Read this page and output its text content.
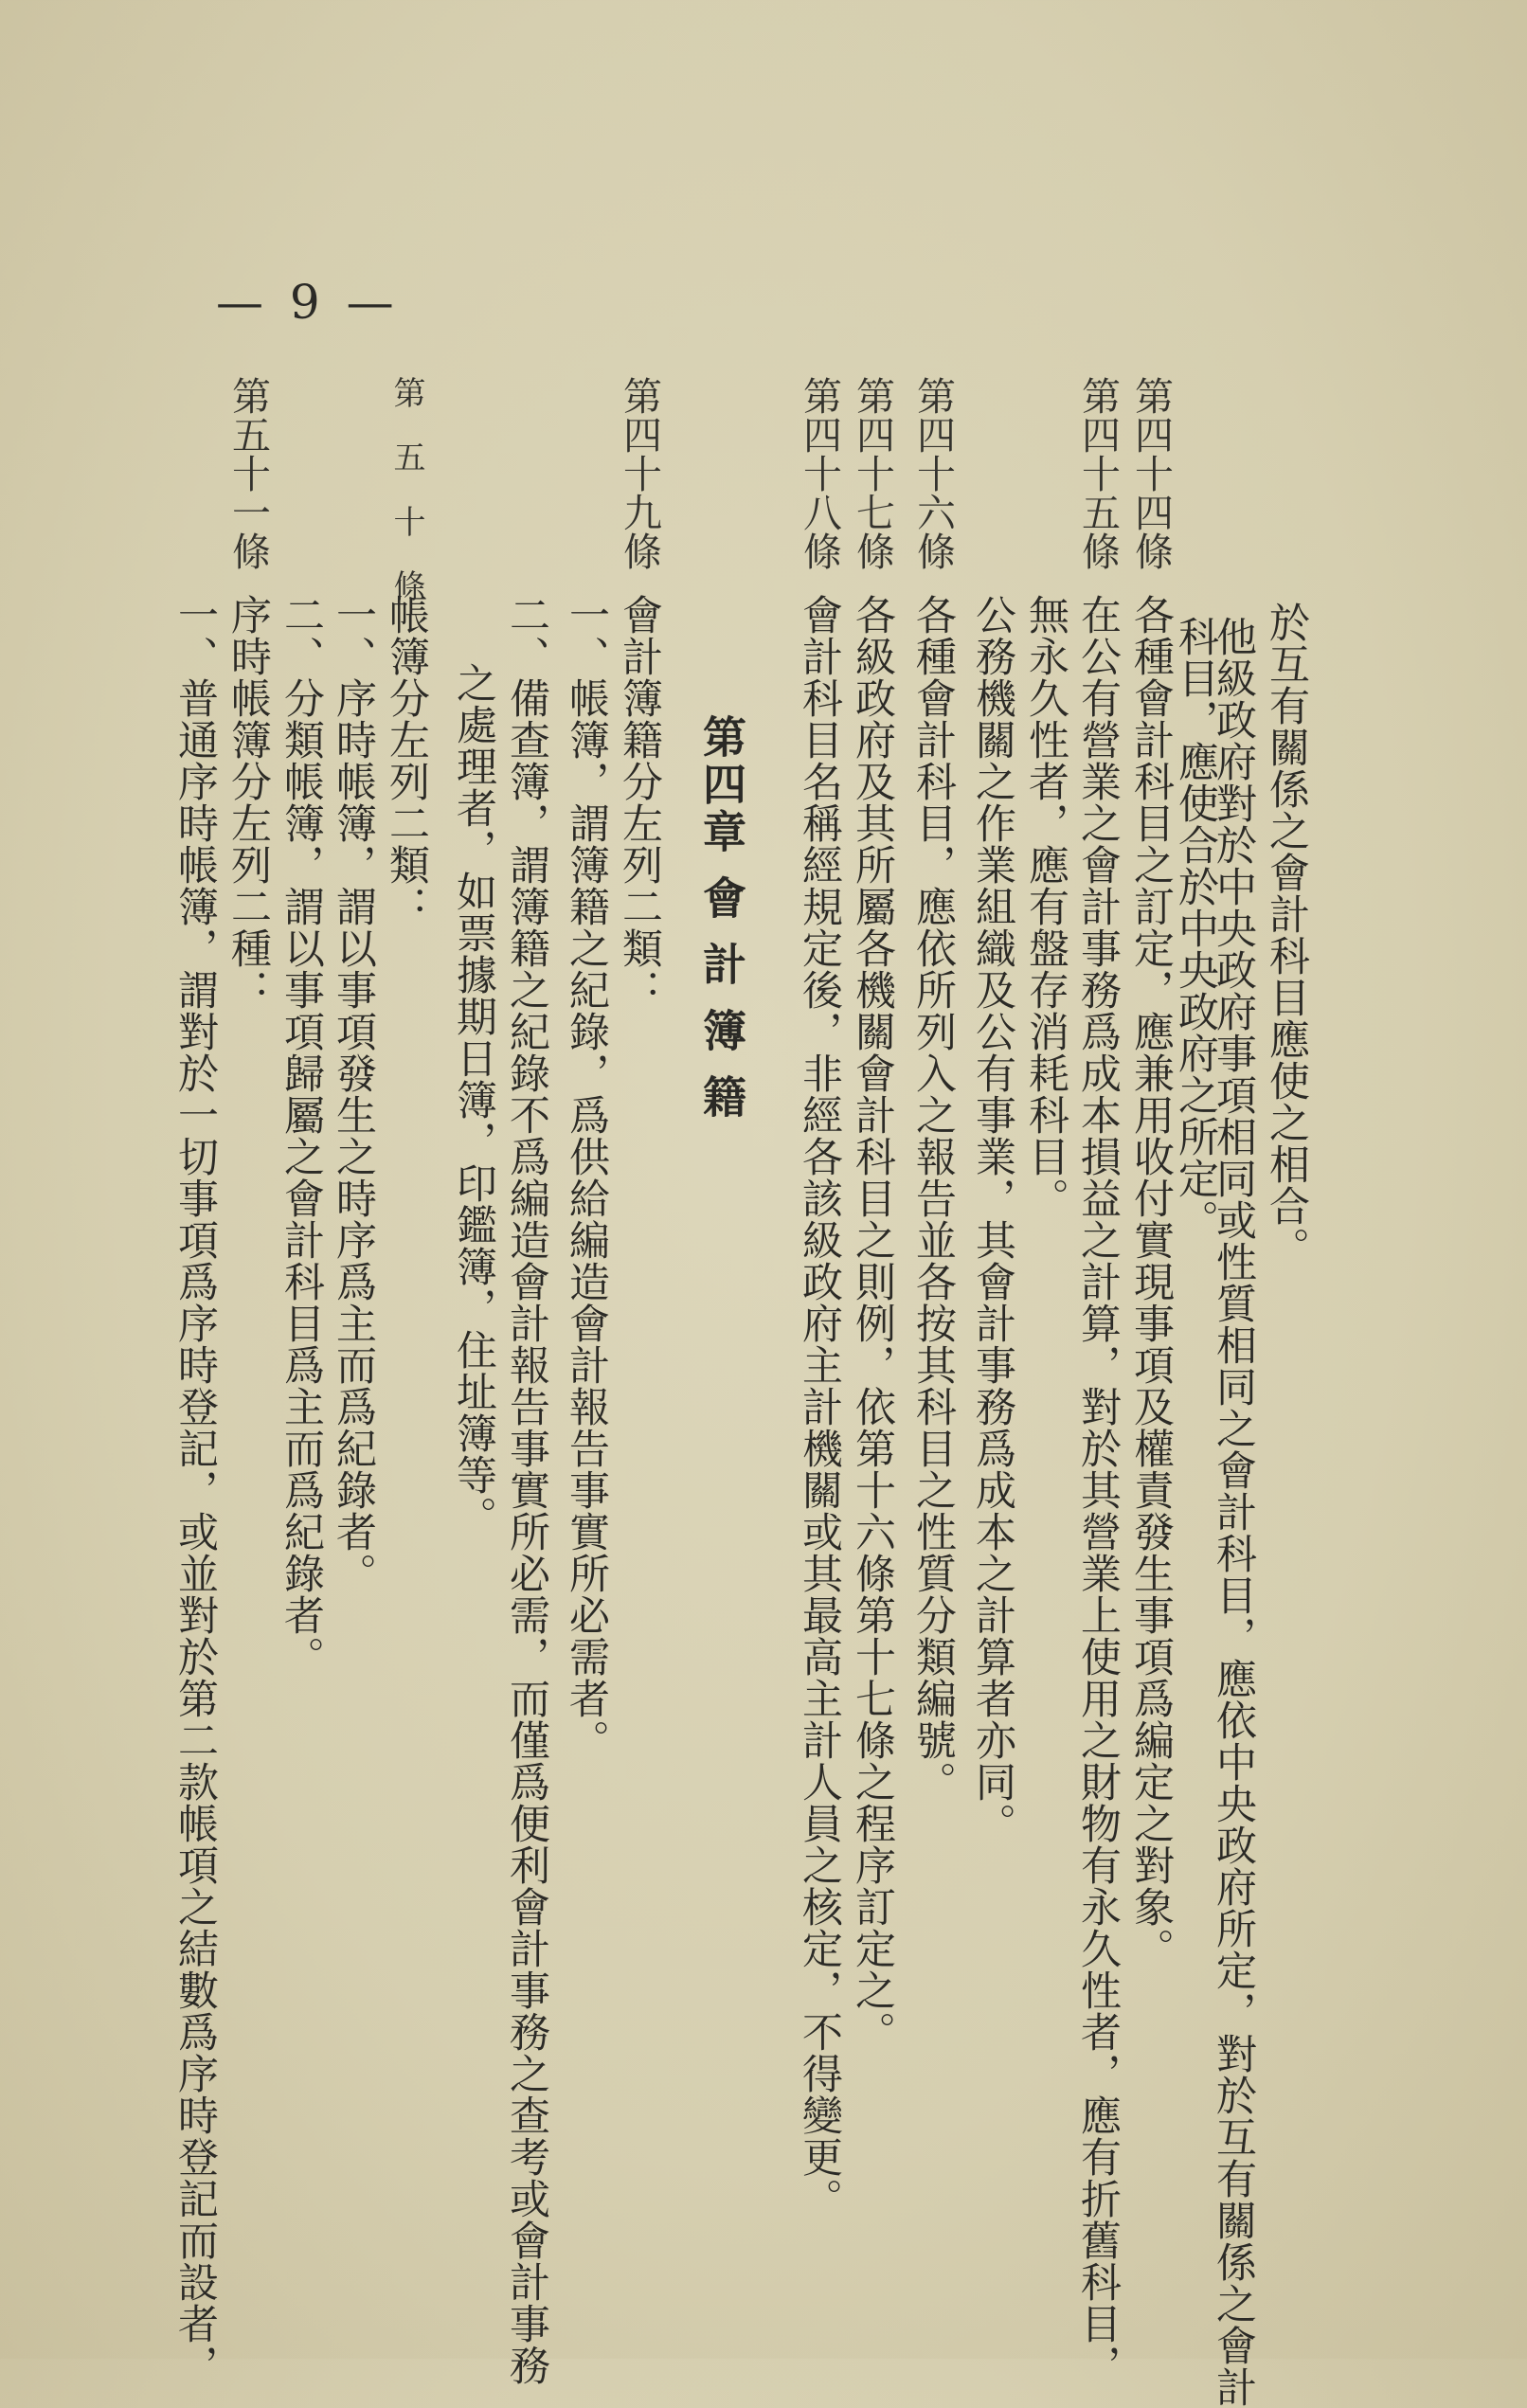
— 9 —
於互有關係之會計科目應使之相合。
他級政府對於中央政府事項相同或性質相同之會計科目，應依中央政府所定，對於互有關係之會計
科目，應使合於中央政府之所定。
第四十四條
各種會計科目之訂定，應兼用收付實現事項及權責發生事項爲編定之對象。
第四十五條
在公有營業之會計事務爲成本損益之計算，對於其營業上使用之財物有永久性者，應有折舊科目，
無永久性者，應有盤存消耗科目。
公務機關之作業組織及公有事業，其會計事務爲成本之計算者亦同。
第四十六條
各種會計科目，應依所列入之報告並各按其科目之性質分類編號。
第四十七條
各級政府及其所屬各機關會計科目之則例，依第十六條第十七條之程序訂定之。
第四十八條
會計科目名稱經規定後，非經各該級政府主計機關或其最高主計人員之核定，不得變更。
第四章 會 計 簿 籍
第四十九條
會計簿籍分左列二類：
一、帳簿，謂簿籍之紀錄，爲供給編造會計報告事實所必需者。
二、備查簿，謂簿籍之紀錄不爲編造會計報告事實所必需，而僅爲便利會計事務之查考或會計事務
之處理者，如票據期日簿，印鑑簿，住址簿等。
第　五　十　條
帳簿分左列二類：
一、序時帳簿，謂以事項發生之時序爲主而爲紀錄者。
二、分類帳簿，謂以事項歸屬之會計科目爲主而爲紀錄者。
第五十一條
序時帳簿分左列二種：
一、普通序時帳簿，謂對於一切事項爲序時登記，或並對於第二款帳項之結數爲序時登記而設者，
